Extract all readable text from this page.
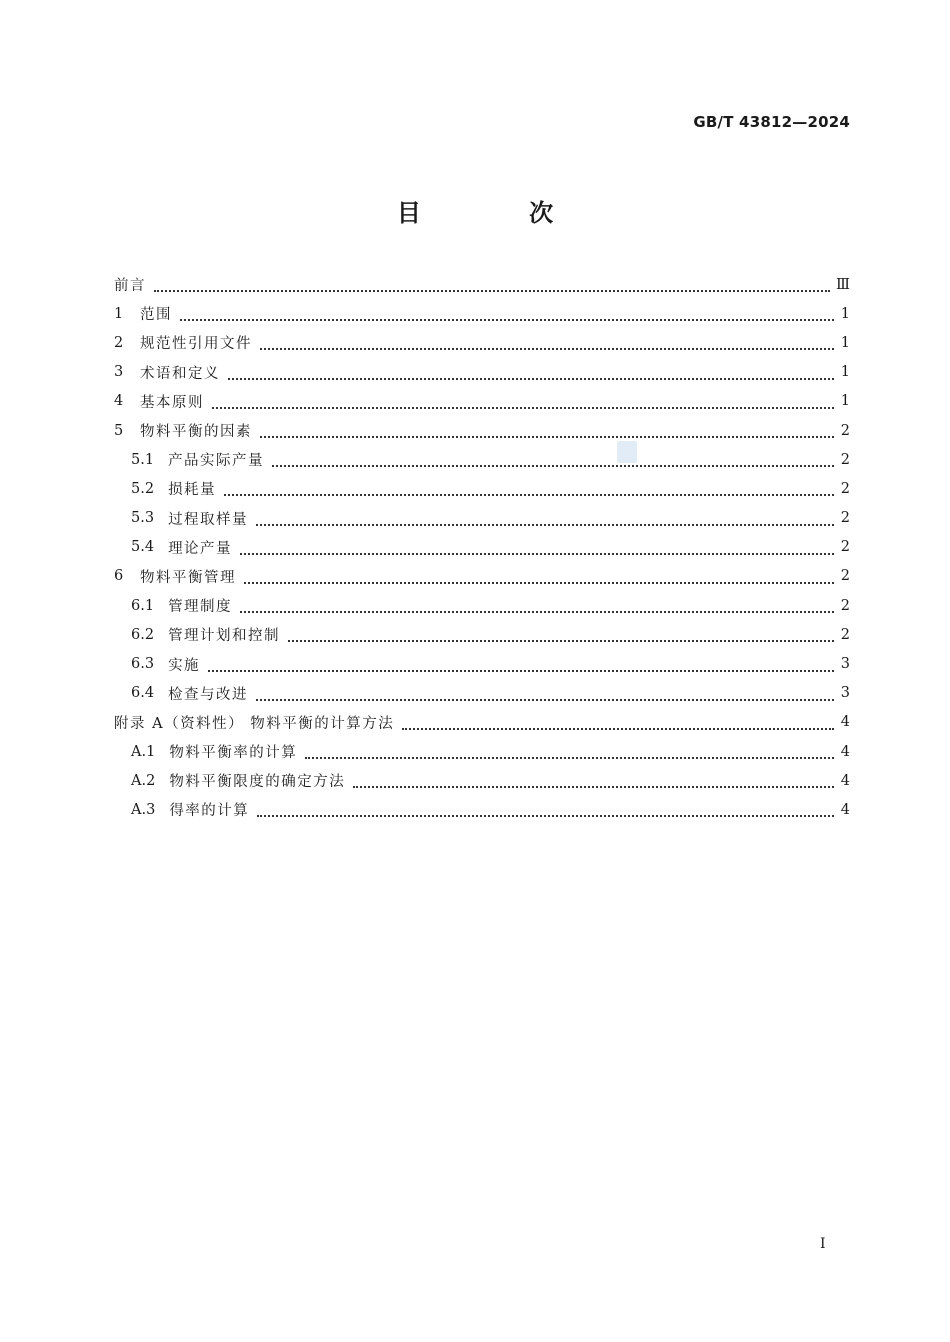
GB/T 43812—2024
目 次
前言	Ⅲ
1 范围	1
2 规范性引用文件	1
3 术语和定义	1
4 基本原则	1
5 物料平衡的因素	2
5.1 产品实际产量	2
5.2 损耗量	2
5.3 过程取样量	2
5.4 理论产量	2
6 物料平衡管理	2
6.1 管理制度	2
6.2 管理计划和控制	2
6.3 实施	3
6.4 检查与改进	3
附录 A（资料性） 物料平衡的计算方法	4
A.1 物料平衡率的计算	4
A.2 物料平衡限度的确定方法	4
A.3 得率的计算	4
I
